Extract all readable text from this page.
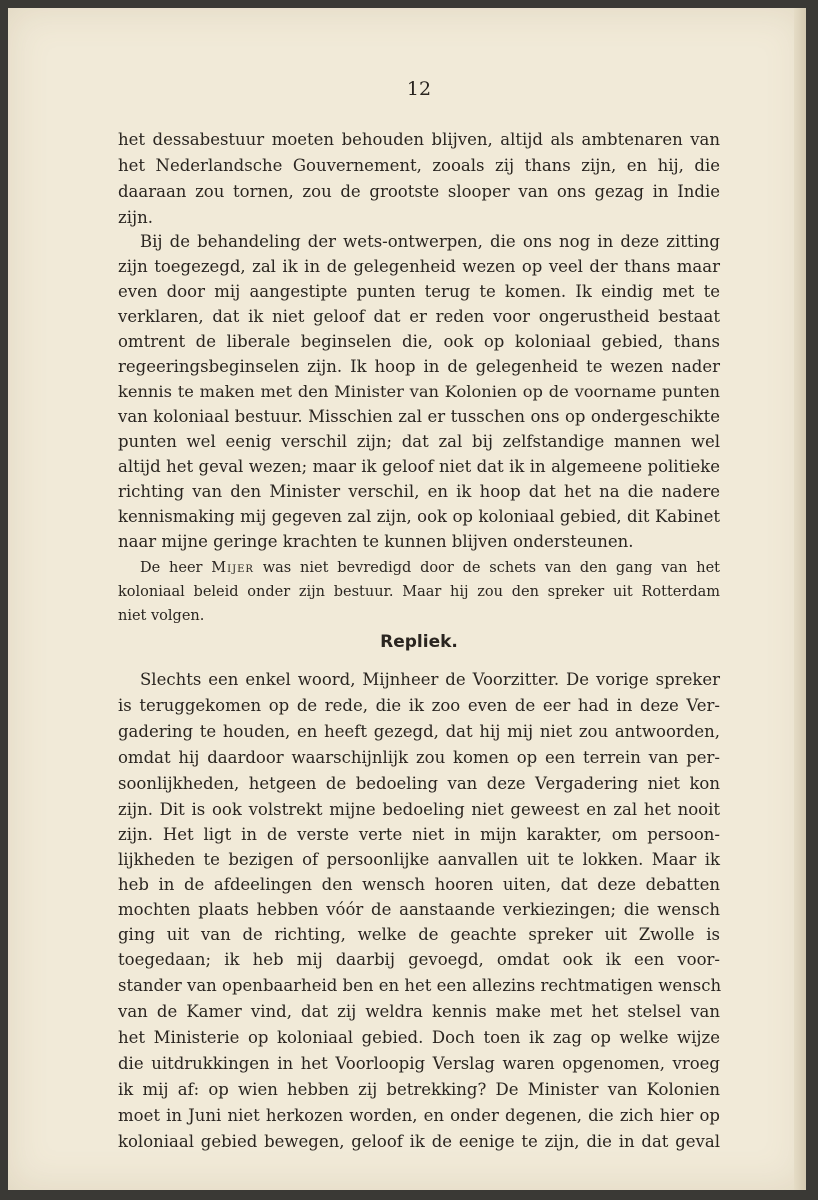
12
het dessabestuur moeten behouden blijven, altijd als ambtenaren van
het Nederlandsche Gouvernement, zooals zij thans zijn, en hij, die
daaraan zou tornen, zou de grootste slooper van ons gezag in Indie
zijn.
Bij de behandeling der wets-ontwerpen, die ons nog in deze zitting
zijn toegezegd, zal ik in de gelegenheid wezen op veel der thans maar
even door mij aangestipte punten terug te komen. Ik eindig met te
verklaren, dat ik niet geloof dat er reden voor ongerustheid bestaat
omtrent de liberale beginselen die, ook op koloniaal gebied, thans
regeeringsbeginselen zijn. Ik hoop in de gelegenheid te wezen nader
kennis te maken met den Minister van Kolonien op de voorname punten
van koloniaal bestuur. Misschien zal er tusschen ons op ondergeschikte
punten wel eenig verschil zijn; dat zal bij zelfstandige mannen wel
altijd het geval wezen; maar ik geloof niet dat ik in algemeene politieke
richting van den Minister verschil, en ik hoop dat het na die nadere
kennismaking mij gegeven zal zijn, ook op koloniaal gebied, dit Kabinet
naar mijne geringe krachten te kunnen blijven ondersteunen.
De heer Mijer was niet bevredigd door de schets van den gang van het
koloniaal beleid onder zijn bestuur. Maar hij zou den spreker uit Rotterdam
niet volgen.
Repliek.
Slechts een enkel woord, Mijnheer de Voorzitter. De vorige spreker
is teruggekomen op de rede, die ik zoo even de eer had in deze Ver-
gadering te houden, en heeft gezegd, dat hij mij niet zou antwoorden,
omdat hij daardoor waarschijnlijk zou komen op een terrein van per-
soonlijkheden, hetgeen de bedoeling van deze Vergadering niet kon
zijn. Dit is ook volstrekt mijne bedoeling niet geweest en zal het nooit
zijn. Het ligt in de verste verte niet in mijn karakter, om persoon-
lijkheden te bezigen of persoonlijke aanvallen uit te lokken. Maar ik
heb in de afdeelingen den wensch hooren uiten, dat deze debatten
mochten plaats hebben vóór de aanstaande verkiezingen; die wensch
ging uit van de richting, welke de geachte spreker uit Zwolle is
toegedaan; ik heb mij daarbij gevoegd, omdat ook ik een voor-
stander van openbaarheid ben en het een allezins rechtmatigen wensch
van de Kamer vind, dat zij weldra kennis make met het stelsel van
het Ministerie op koloniaal gebied. Doch toen ik zag op welke wijze
die uitdrukkingen in het Voorloopig Verslag waren opgenomen, vroeg
ik mij af: op wien hebben zij betrekking? De Minister van Kolonien
moet in Juni niet herkozen worden, en onder degenen, die zich hier op
koloniaal gebied bewegen, geloof ik de eenige te zijn, die in dat geval
